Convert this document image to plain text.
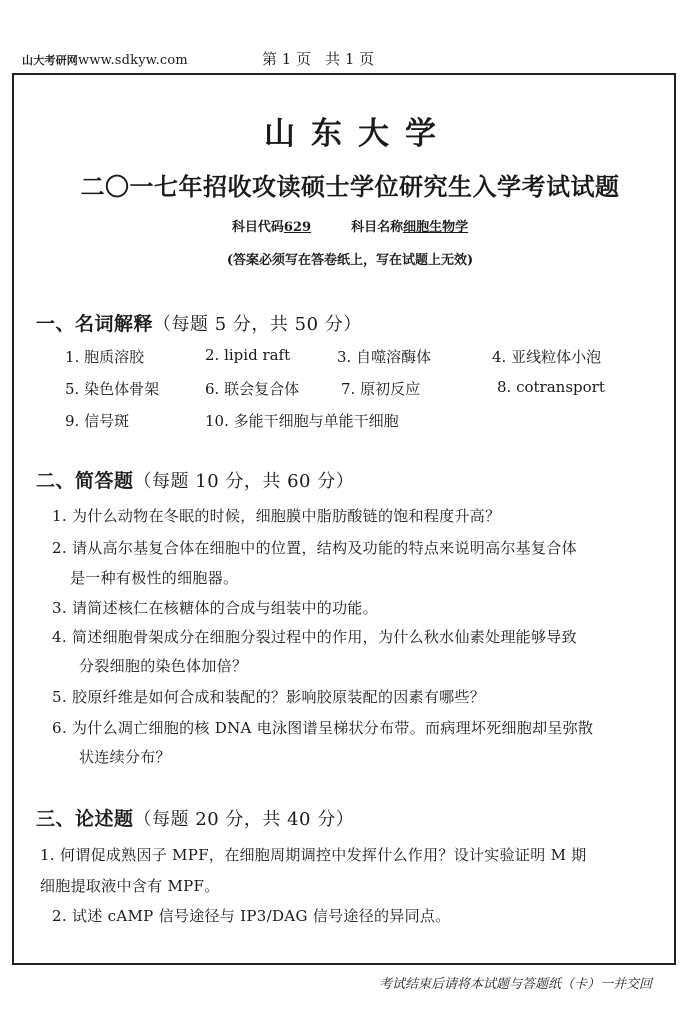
山大考研网www.sdkyw.com	第 1 页 共 1 页
山东大学
二〇一七年招收攻读硕士学位研究生入学考试试题
科目代码629	科目名称细胞生物学
(答案必须写在答卷纸上，写在试题上无效)
一、名词解释（每题 5 分，共 50 分）
1. 胞质溶胶	2. lipid raft	3. 自噬溶酶体	4. 亚线粒体小泡
5. 染色体骨架	6. 联会复合体	7. 原初反应	8. cotransport
9. 信号斑	10. 多能干细胞与单能干细胞
二、简答题（每题 10 分，共 60 分）
1. 为什么动物在冬眠的时候，细胞膜中脂肪酸链的饱和程度升高？
2. 请从高尔基复合体在细胞中的位置，结构及功能的特点来说明高尔基复合体
是一种有极性的细胞器。
3. 请简述核仁在核糖体的合成与组装中的功能。
4. 简述细胞骨架成分在细胞分裂过程中的作用，为什么秋水仙素处理能够导致
分裂细胞的染色体加倍？
5. 胶原纤维是如何合成和装配的？影响胶原装配的因素有哪些？
6. 为什么凋亡细胞的核 DNA 电泳图谱呈梯状分布带。而病理坏死细胞却呈弥散
状连续分布？
三、论述题（每题 20 分，共 40 分）
1. 何谓促成熟因子 MPF，在细胞周期调控中发挥什么作用？设计实验证明 M 期
细胞提取液中含有 MPF。
2. 试述 cAMP 信号途径与 IP3/DAG 信号途径的异同点。
考试结束后请将本试题与答题纸（卡）一并交回
